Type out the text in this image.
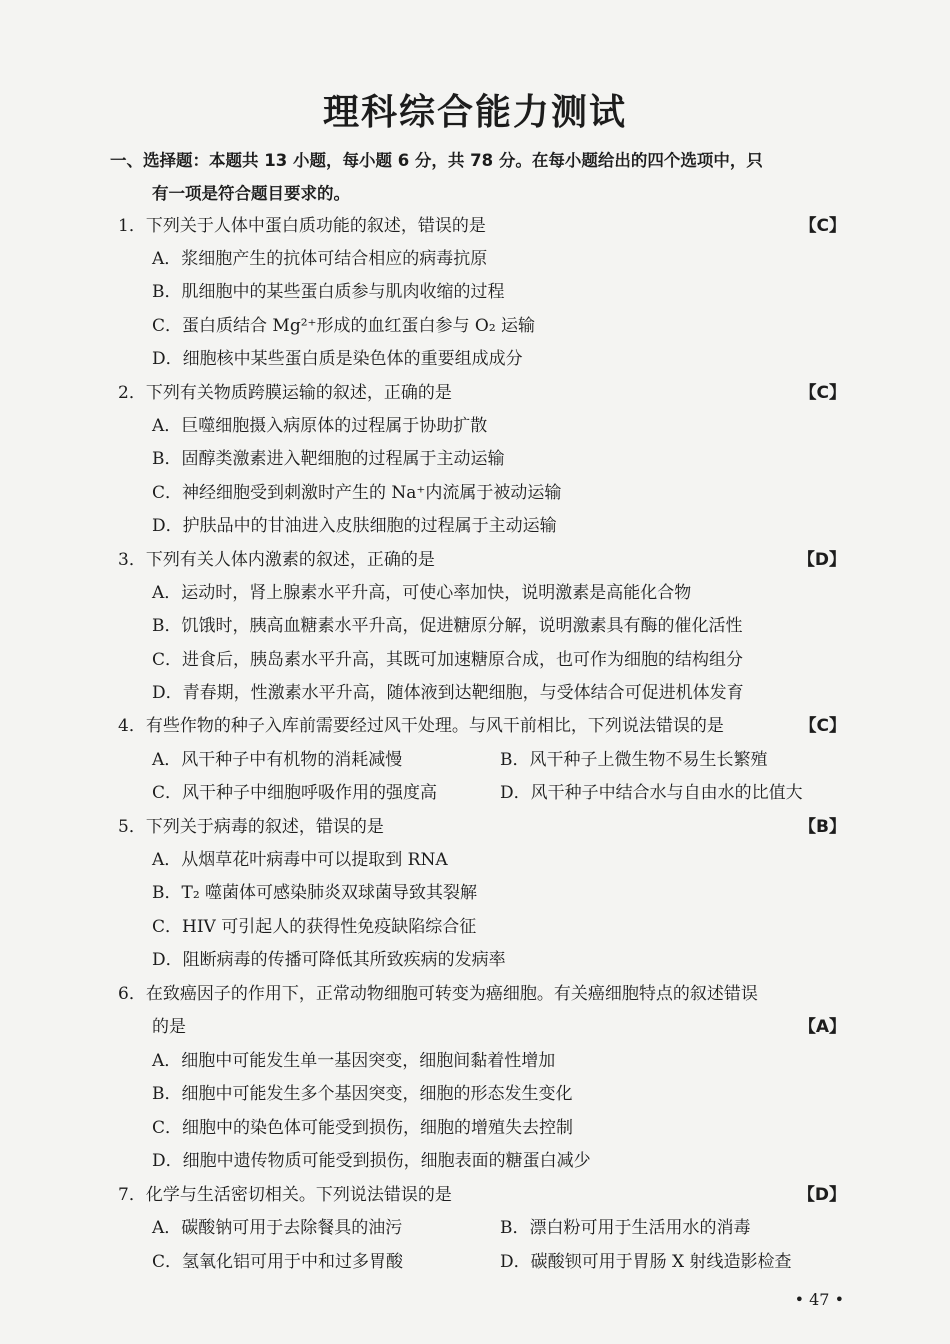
理科综合能力测试
一、选择题：本题共 13 小题，每小题 6 分，共 78 分。在每小题给出的四个选项中，只
有一项是符合题目要求的。
1．下列关于人体中蛋白质功能的叙述，错误的是	【C】
A．浆细胞产生的抗体可结合相应的病毒抗原
B．肌细胞中的某些蛋白质参与肌肉收缩的过程
C．蛋白质结合 Mg²⁺形成的血红蛋白参与 O₂ 运输
D．细胞核中某些蛋白质是染色体的重要组成成分
2．下列有关物质跨膜运输的叙述，正确的是	【C】
A．巨噬细胞摄入病原体的过程属于协助扩散
B．固醇类激素进入靶细胞的过程属于主动运输
C．神经细胞受到刺激时产生的 Na⁺内流属于被动运输
D．护肤品中的甘油进入皮肤细胞的过程属于主动运输
3．下列有关人体内激素的叙述，正确的是	【D】
A．运动时，肾上腺素水平升高，可使心率加快，说明激素是高能化合物
B．饥饿时，胰高血糖素水平升高，促进糖原分解，说明激素具有酶的催化活性
C．进食后，胰岛素水平升高，其既可加速糖原合成，也可作为细胞的结构组分
D．青春期，性激素水平升高，随体液到达靶细胞，与受体结合可促进机体发育
4．有些作物的种子入库前需要经过风干处理。与风干前相比，下列说法错误的是	【C】
A．风干种子中有机物的消耗减慢	B．风干种子上微生物不易生长繁殖
C．风干种子中细胞呼吸作用的强度高	D．风干种子中结合水与自由水的比值大
5．下列关于病毒的叙述，错误的是	【B】
A．从烟草花叶病毒中可以提取到 RNA
B．T₂ 噬菌体可感染肺炎双球菌导致其裂解
C．HIV 可引起人的获得性免疫缺陷综合征
D．阻断病毒的传播可降低其所致疾病的发病率
6．在致癌因子的作用下，正常动物细胞可转变为癌细胞。有关癌细胞特点的叙述错误
的是	【A】
A．细胞中可能发生单一基因突变，细胞间黏着性增加
B．细胞中可能发生多个基因突变，细胞的形态发生变化
C．细胞中的染色体可能受到损伤，细胞的增殖失去控制
D．细胞中遗传物质可能受到损伤，细胞表面的糖蛋白减少
7．化学与生活密切相关。下列说法错误的是	【D】
A．碳酸钠可用于去除餐具的油污	B．漂白粉可用于生活用水的消毒
C．氢氧化铝可用于中和过多胃酸	D．碳酸钡可用于胃肠 X 射线造影检查
• 47 •
